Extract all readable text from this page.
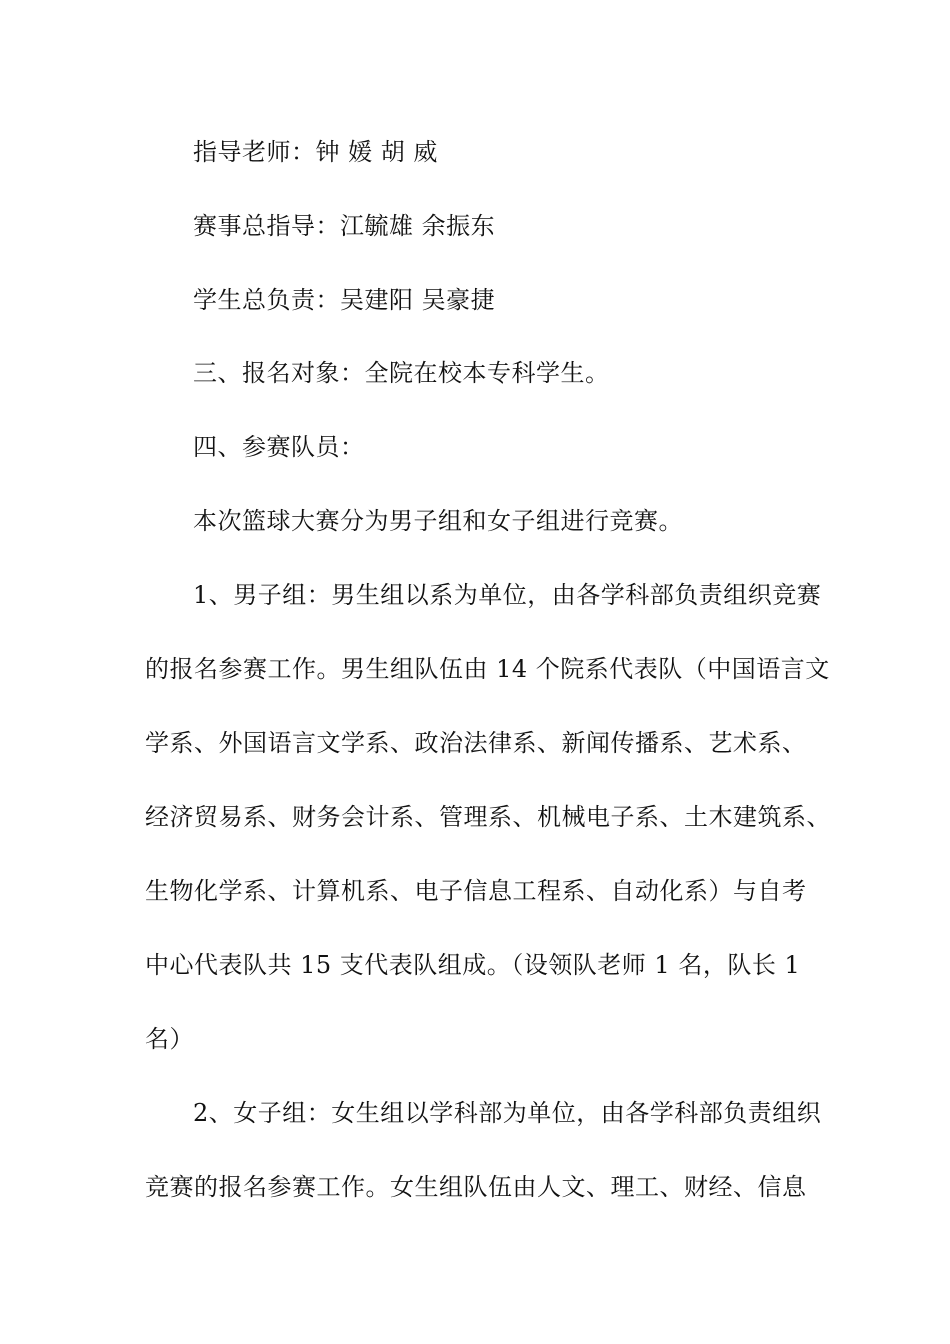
指导老师：钟 媛 胡 威
赛事总指导：江毓雄 余振东
学生总负责：吴建阳 吴豪捷
三、报名对象：全院在校本专科学生。
四、参赛队员：
本次篮球大赛分为男子组和女子组进行竞赛。
1、男子组：男生组以系为单位，由各学科部负责组织竞赛
的报名参赛工作。男生组队伍由 14 个院系代表队（中国语言文
学系、外国语言文学系、政治法律系、新闻传播系、艺术系、
经济贸易系、财务会计系、管理系、机械电子系、土木建筑系、
生物化学系、计算机系、电子信息工程系、自动化系）与自考
中心代表队共 15 支代表队组成。（设领队老师 1 名，队长 1
名）
2、女子组：女生组以学科部为单位，由各学科部负责组织
竞赛的报名参赛工作。女生组队伍由人文、理工、财经、信息
